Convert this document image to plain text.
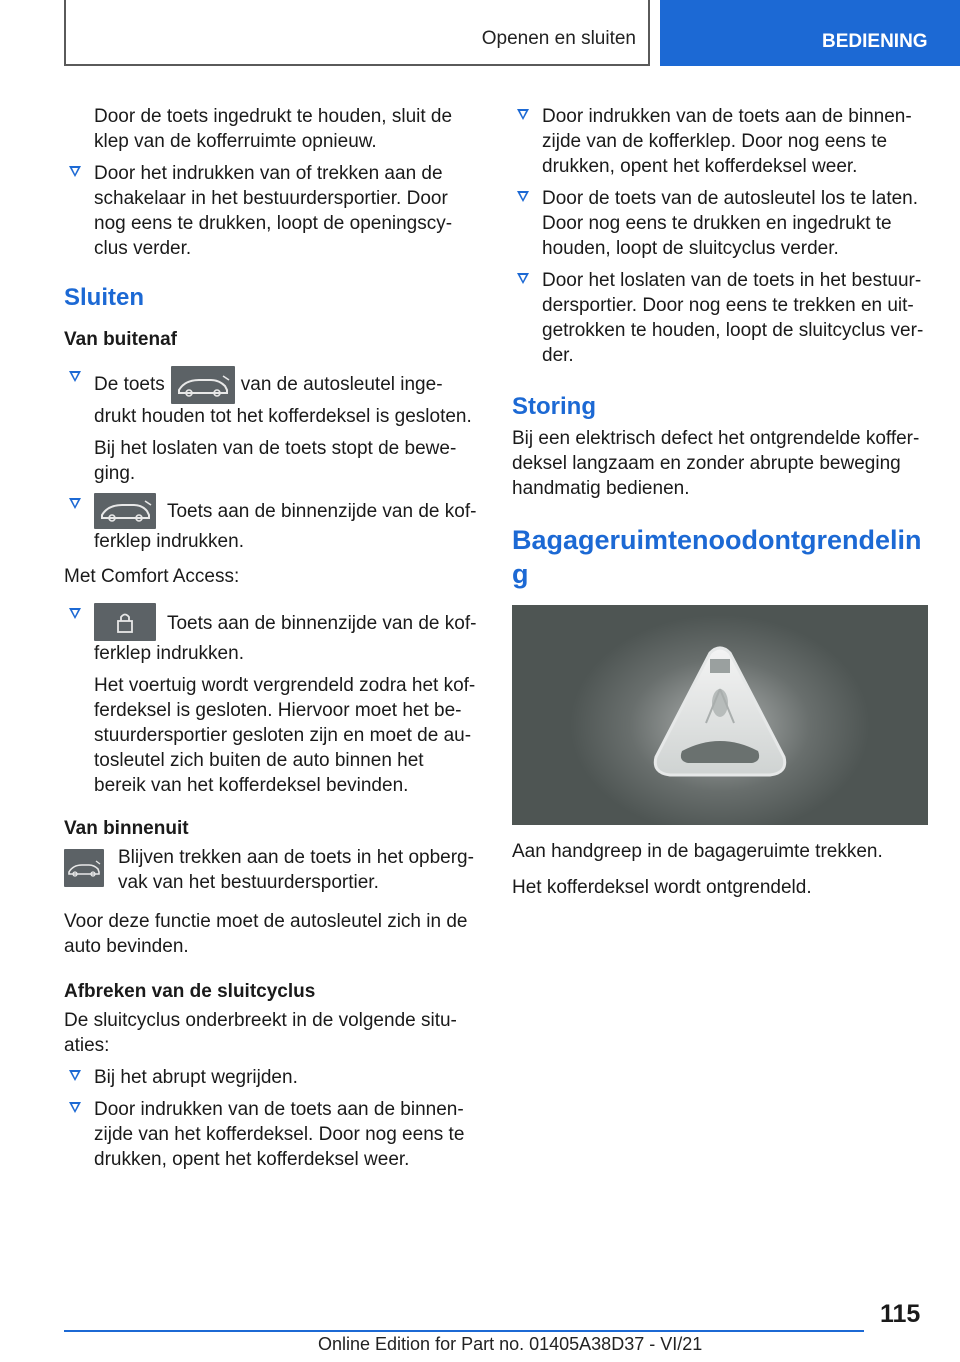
Openen en sluiten	BEDIENING

Door de toets ingedrukt te houden, sluit de klep van de kofferruimte opnieuw.

Door het indrukken van of trekken aan de schakelaar in het bestuurdersportier. Door nog eens te drukken, loopt de openingscy-clus verder.
Sluiten
Van buitenaf
De toets	van de autosleutel inge-drukt houden tot het kofferdeksel is gesloten.

Bij het loslaten van de toets stopt de bewe-ging.

Toets aan de binnenzijde van de kof-ferklep indrukken.

Met Comfort Access:

Toets aan de binnenzijde van de kof-ferklep indrukken.

Het voertuig wordt vergrendeld zodra het kof-ferdeksel is gesloten. Hiervoor moet het be-stuurdersportier gesloten zijn en moet de au-tosleutel zich buiten de auto binnen het bereik van het kofferdeksel bevinden.

Van binnenuit
Blijven trekken aan de toets in het opberg-vak van het bestuurdersportier.

Voor deze functie moet de autosleutel zich in de auto bevinden.

Afbreken van de sluitcyclus

De sluitcyclus onderbreekt in de volgende situ-aties:

Bij het abrupt wegrijden.
Door indrukken van de toets aan de binnen-zijde van het kofferdeksel. Door nog eens te drukken, opent het kofferdeksel weer.
Door indrukken van de toets aan de binnen-zijde van de kofferklep. Door nog eens te drukken, opent het kofferdeksel weer.
Door de toets van de autosleutel los te laten. Door nog eens te drukken en ingedrukt te houden, loopt de sluitcyclus verder.
Door het loslaten van de toets in het bestuur-dersportier. Door nog eens te trekken en uit-getrokken te houden, loopt de sluitcyclus ver-der.
Storing

Bij een elektrisch defect het ontgrendelde koffer-deksel langzaam en zonder abrupte beweging handmatig bedienen.

Bagageruimtenoodontgrendeling

Aan handgreep in de bagageruimte trekken.

Het kofferdeksel wordt ontgrendeld.

115
Online Edition for Part no. 01405A38D37 - VI/21
